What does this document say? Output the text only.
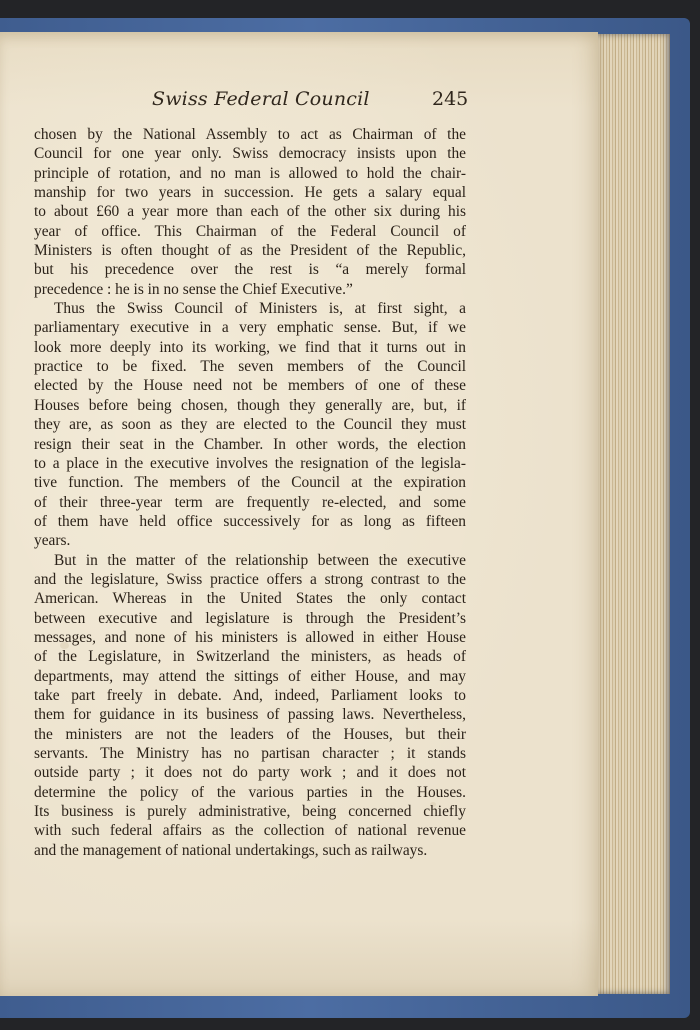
Swiss Federal Council	245

chosen by the National Assembly to act as Chairman of the
Council for one year only. Swiss democracy insists upon the
principle of rotation, and no man is allowed to hold the chair-
manship for two years in succession. He gets a salary equal
to about £60 a year more than each of the other six during his
year of office. This Chairman of the Federal Council of
Ministers is often thought of as the President of the Republic,
but his precedence over the rest is “a merely formal
precedence : he is in no sense the Chief Executive.”

Thus the Swiss Council of Ministers is, at first sight, a
parliamentary executive in a very emphatic sense. But, if we
look more deeply into its working, we find that it turns out in
practice to be fixed. The seven members of the Council
elected by the House need not be members of one of these
Houses before being chosen, though they generally are, but, if
they are, as soon as they are elected to the Council they must
resign their seat in the Chamber. In other words, the election
to a place in the executive involves the resignation of the legisla-
tive function. The members of the Council at the expiration
of their three-year term are frequently re-elected, and some
of them have held office successively for as long as fifteen
years.

But in the matter of the relationship between the executive
and the legislature, Swiss practice offers a strong contrast to the
American. Whereas in the United States the only contact
between executive and legislature is through the President’s
messages, and none of his ministers is allowed in either House
of the Legislature, in Switzerland the ministers, as heads of
departments, may attend the sittings of either House, and may
take part freely in debate. And, indeed, Parliament looks to
them for guidance in its business of passing laws. Nevertheless,
the ministers are not the leaders of the Houses, but their
servants. The Ministry has no partisan character ; it stands
outside party ; it does not do party work ; and it does not
determine the policy of the various parties in the Houses.
Its business is purely administrative, being concerned chiefly
with such federal affairs as the collection of national revenue
and the management of national undertakings, such as railways.
